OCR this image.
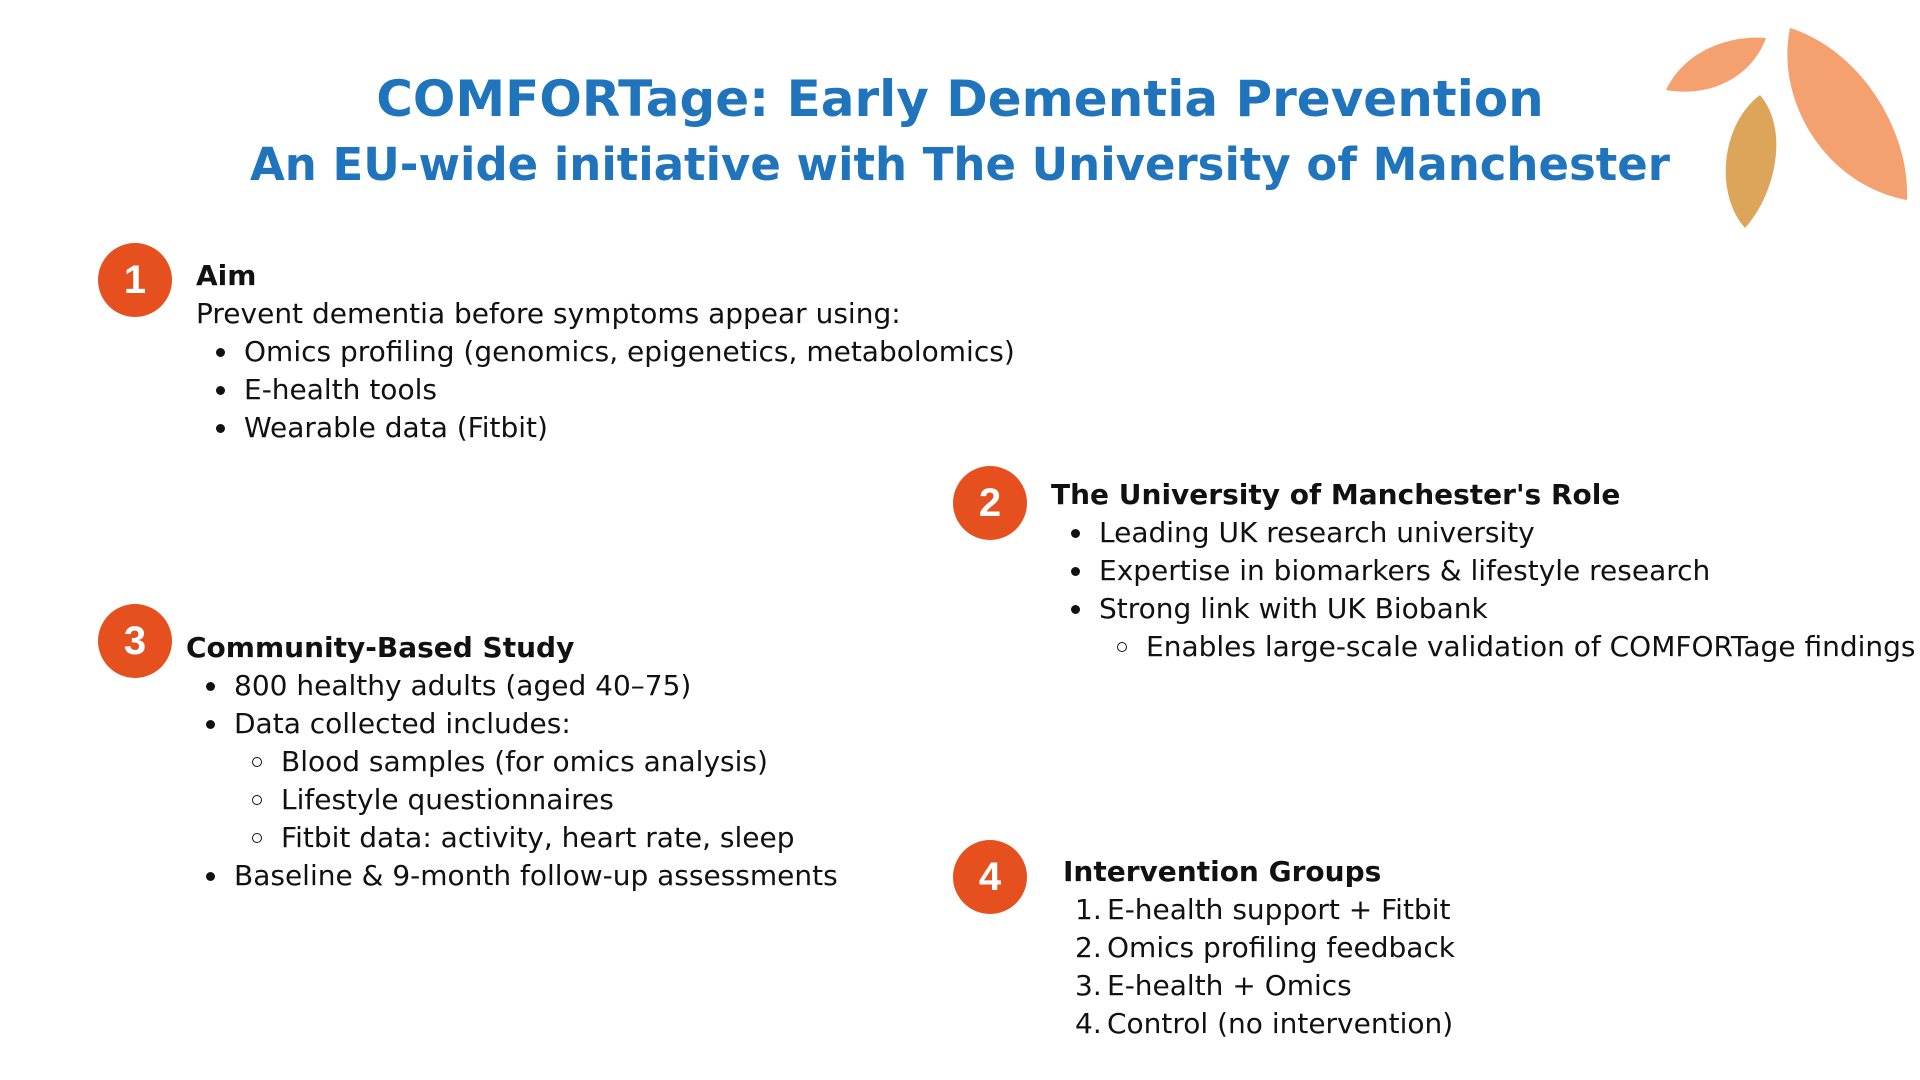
COMFORTage: Early Dementia Prevention
An EU-wide initiative with The University of Manchester
1	Aim
Prevent dementia before symptoms appear using:
Omics profiling (genomics, epigenetics, metabolomics)
E-health tools
Wearable data (Fitbit)
2	The University of Manchester's Role
Leading UK research university
Expertise in biomarkers & lifestyle research
Strong link with UK Biobank
Enables large-scale validation of COMFORTage findings
3	Community-Based Study
800 healthy adults (aged 40–75)
Data collected includes:
Blood samples (for omics analysis)
Lifestyle questionnaires
Fitbit data: activity, heart rate, sleep
Baseline & 9-month follow-up assessments	4	Intervention Groups
1. E-health support + Fitbit
2. Omics profiling feedback
3. E-health + Omics
4. Control (no intervention)
